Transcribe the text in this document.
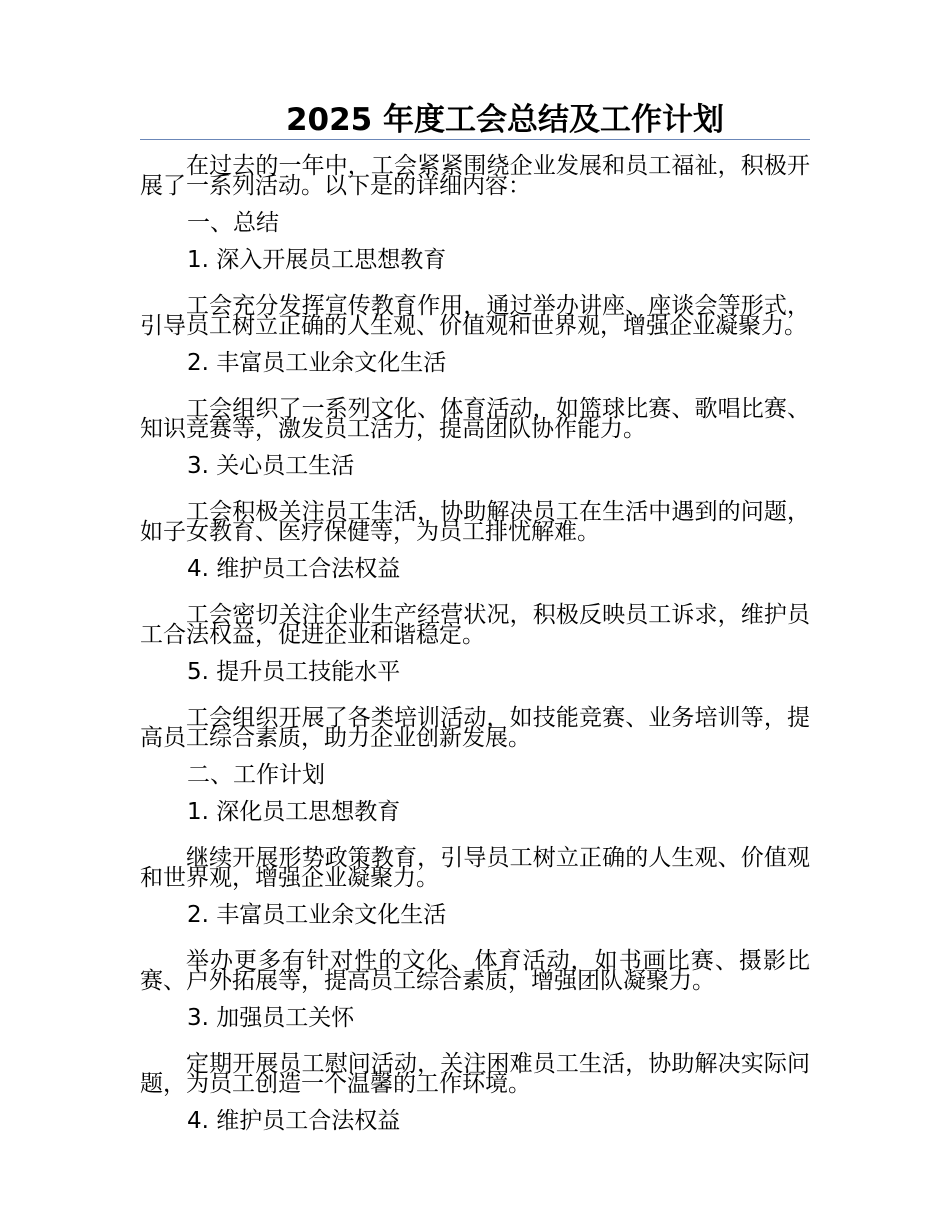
2025 年度工会总结及工作计划

在过去的一年中，工会紧紧围绕企业发展和员工福祉，积极开展了一系列活动。以下是的详细内容：

一、总结
1. 深入开展员工思想教育

工会充分发挥宣传教育作用，通过举办讲座、座谈会等形式，引导员工树立正确的人生观、价值观和世界观，增强企业凝聚力。

2. 丰富员工业余文化生活

工会组织了一系列文化、体育活动，如篮球比赛、歌唱比赛、知识竞赛等，激发员工活力，提高团队协作能力。

3. 关心员工生活

工会积极关注员工生活，协助解决员工在生活中遇到的问题，如子女教育、医疗保健等，为员工排忧解难。

4. 维护员工合法权益

工会密切关注企业生产经营状况，积极反映员工诉求，维护员工合法权益，促进企业和谐稳定。

5. 提升员工技能水平

工会组织开展了各类培训活动，如技能竞赛、业务培训等，提高员工综合素质，助力企业创新发展。

二、工作计划
1. 深化员工思想教育

继续开展形势政策教育，引导员工树立正确的人生观、价值观和世界观，增强企业凝聚力。

2. 丰富员工业余文化生活

举办更多有针对性的文化、体育活动，如书画比赛、摄影比赛、户外拓展等，提高员工综合素质，增强团队凝聚力。

3. 加强员工关怀

定期开展员工慰问活动，关注困难员工生活，协助解决实际问题，为员工创造一个温馨的工作环境。

4. 维护员工合法权益
